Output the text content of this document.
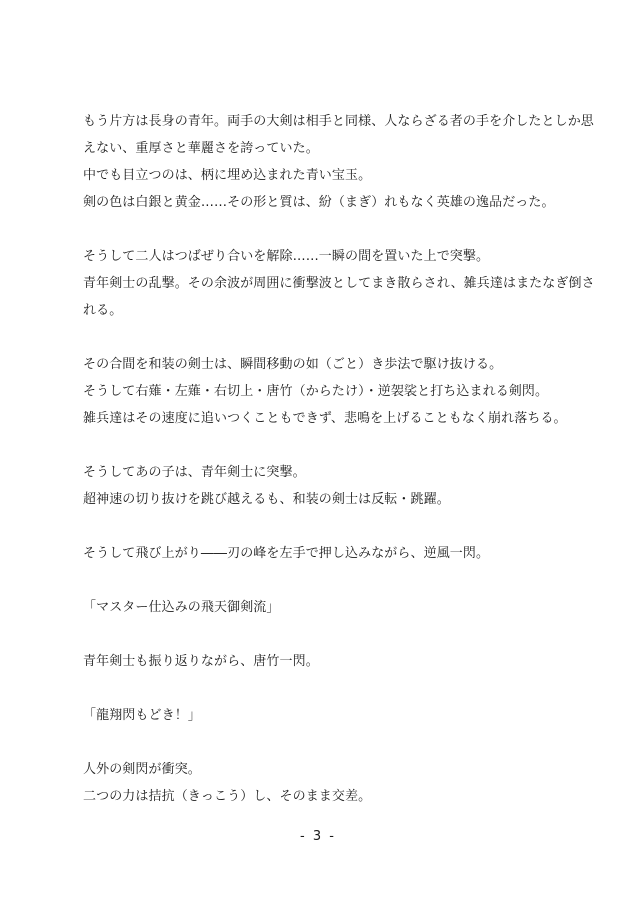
もう片方は長身の青年。両手の大剣は相手と同様、人ならざる者の手を介したとしか思
えない、重厚さと華麗さを誇っていた。
中でも目立つのは、柄に埋め込まれた青い宝玉。
剣の色は白銀と黄金……その形と質は、紛（まぎ）れもなく英雄の逸品だった。
そうして二人はつばぜり合いを解除……一瞬の間を置いた上で突撃。
青年剣士の乱撃。その余波が周囲に衝撃波としてまき散らされ、雑兵達はまたなぎ倒さ
れる。
その合間を和装の剣士は、瞬間移動の如（ごと）き歩法で駆け抜ける。
そうして右薙・左薙・右切上・唐竹（からたけ）・逆袈裟と打ち込まれる剣閃。
雑兵達はその速度に追いつくこともできず、悲鳴を上げることもなく崩れ落ちる。
そうしてあの子は、青年剣士に突撃。
超神速の切り抜けを跳び越えるも、和装の剣士は反転・跳躍。
そうして飛び上がり――刃の峰を左手で押し込みながら、逆風一閃。
「マスター仕込みの飛天御剣流」
青年剣士も振り返りながら、唐竹一閃。
「龍翔閃もどき！」
人外の剣閃が衝突。
二つの力は拮抗（きっこう）し、そのまま交差。
- 3 -
